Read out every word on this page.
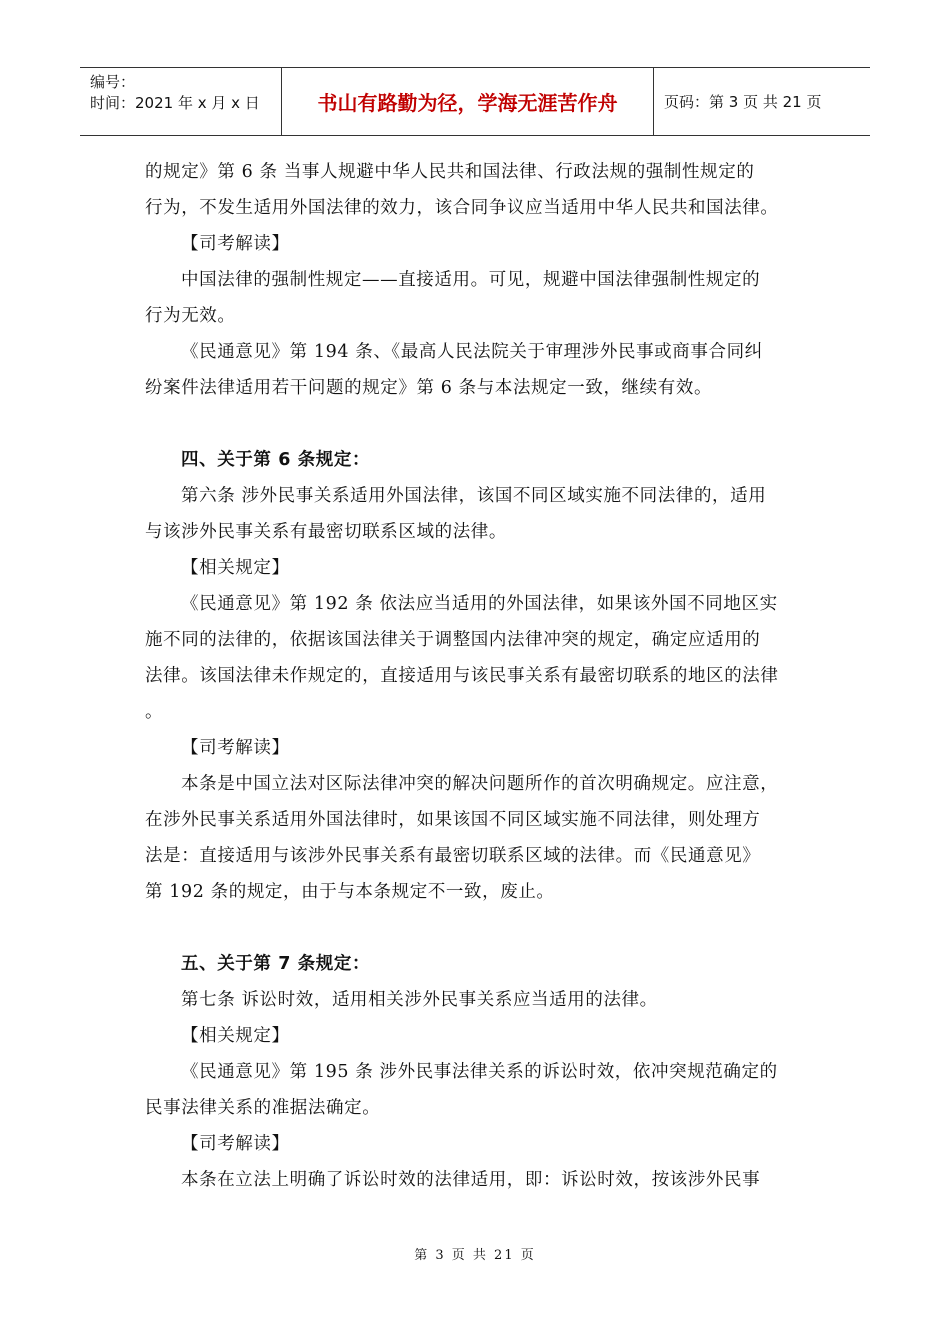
编号：
时间：2021 年 x 月 x 日	书山有路勤为径，学海无涯苦作舟	页码：第 3 页 共 21 页
的规定》第 6 条 当事人规避中华人民共和国法律、行政法规的强制性规定的
行为，不发生适用外国法律的效力，该合同争议应当适用中华人民共和国法律。
【司考解读】
中国法律的强制性规定——直接适用。可见，规避中国法律强制性规定的
行为无效。
《民通意见》第 194 条、《最高人民法院关于审理涉外民事或商事合同纠
纷案件法律适用若干问题的规定》第 6 条与本法规定一致，继续有效。
四、关于第 6 条规定：
第六条 涉外民事关系适用外国法律，该国不同区域实施不同法律的，适用
与该涉外民事关系有最密切联系区域的法律。
【相关规定】
《民通意见》第 192 条 依法应当适用的外国法律，如果该外国不同地区实
施不同的法律的，依据该国法律关于调整国内法律冲突的规定，确定应适用的
法律。该国法律未作规定的，直接适用与该民事关系有最密切联系的地区的法律
。
【司考解读】
本条是中国立法对区际法律冲突的解决问题所作的首次明确规定。应注意，
在涉外民事关系适用外国法律时，如果该国不同区域实施不同法律，则处理方
法是：直接适用与该涉外民事关系有最密切联系区域的法律。而《民通意见》
第 192 条的规定，由于与本条规定不一致，废止。
五、关于第 7 条规定：
第七条 诉讼时效，适用相关涉外民事关系应当适用的法律。
【相关规定】
《民通意见》第 195 条 涉外民事法律关系的诉讼时效，依冲突规范确定的
民事法律关系的准据法确定。
【司考解读】
本条在立法上明确了诉讼时效的法律适用，即：诉讼时效，按该涉外民事
第 3 页 共 21 页
